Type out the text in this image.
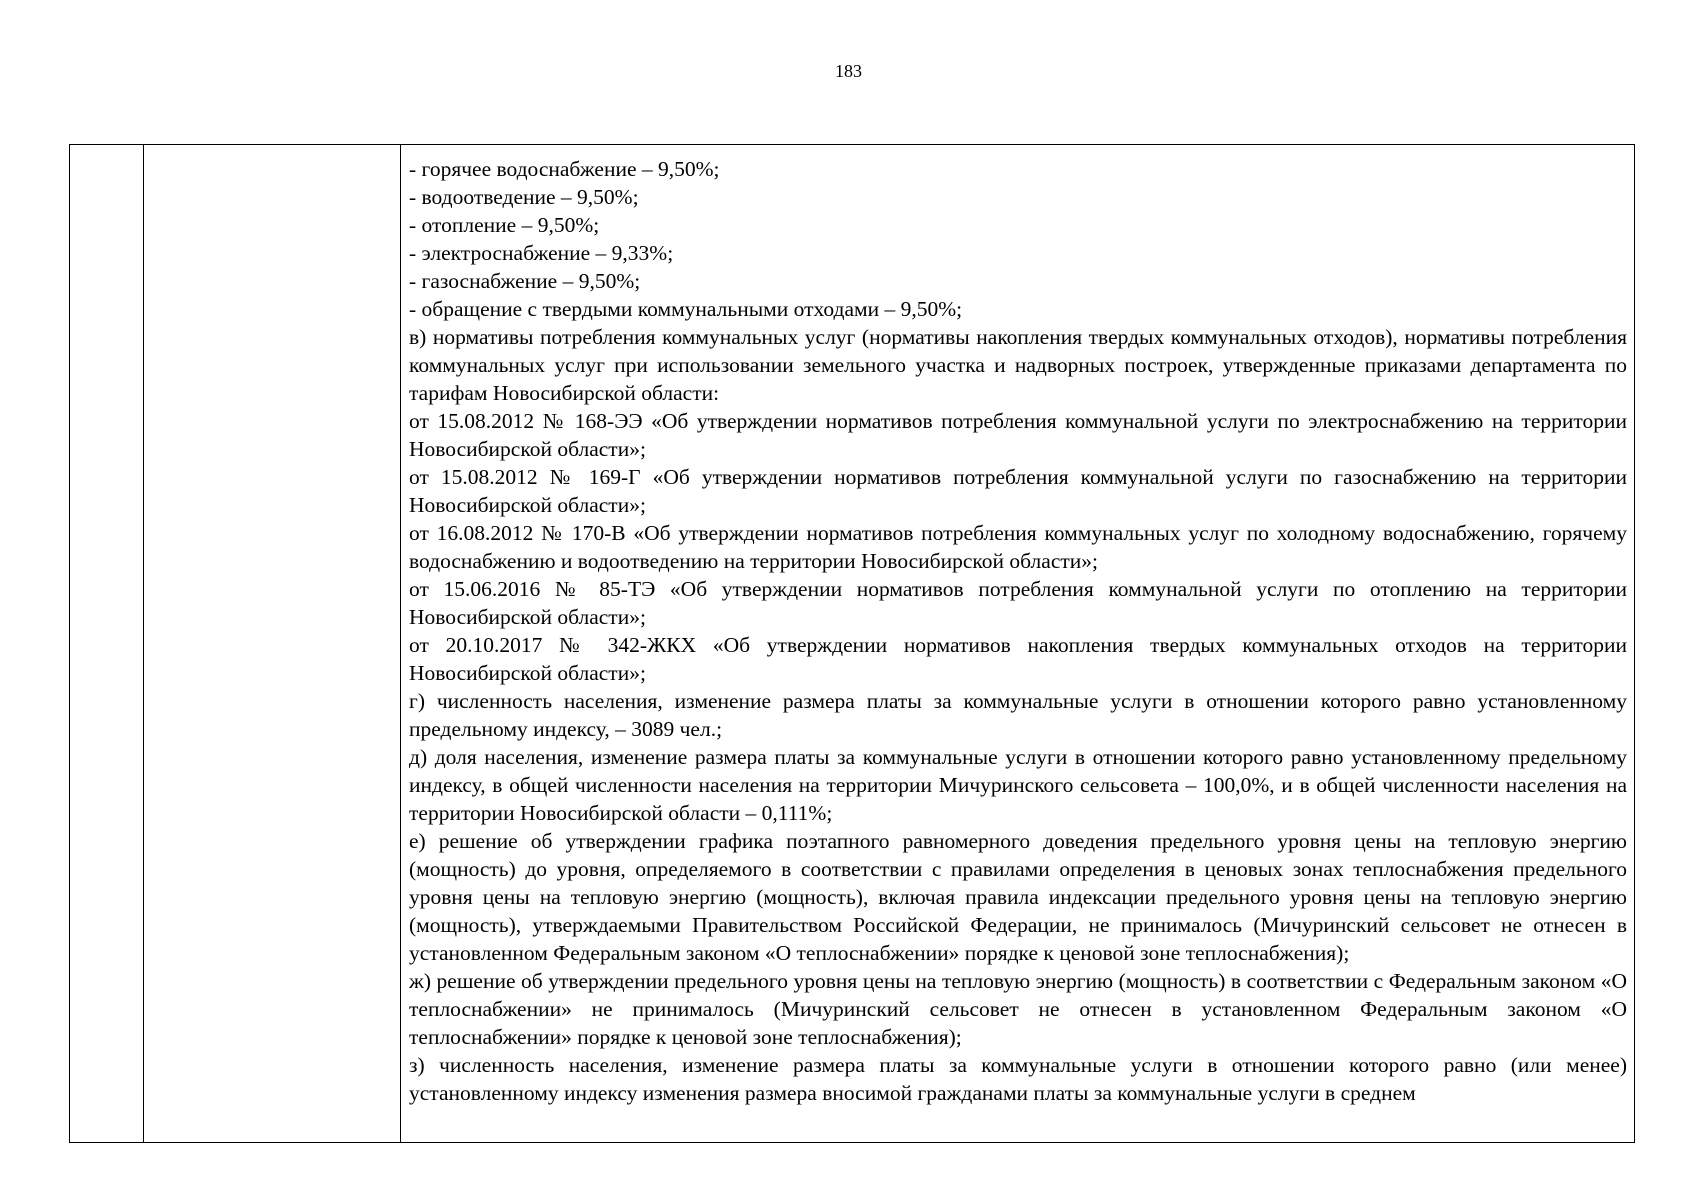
183

- горячее водоснабжение – 9,50%;
- водоотведение – 9,50%;
- отопление – 9,50%;
- электроснабжение – 9,33%;
- газоснабжение – 9,50%;
- обращение с твердыми коммунальными отходами – 9,50%;
в) нормативы потребления коммунальных услуг (нормативы накопления твердых коммунальных отходов), нормативы потребления коммунальных услуг при использовании земельного участка и надворных построек, утвержденные приказами департамента по тарифам Новосибирской области:
от 15.08.2012 № 168-ЭЭ «Об утверждении нормативов потребления коммунальной услуги по электроснабжению на территории Новосибирской области»;
от 15.08.2012 № 169-Г «Об утверждении нормативов потребления коммунальной услуги по газоснабжению на территории Новосибирской области»;
от 16.08.2012 № 170-В «Об утверждении нормативов потребления коммунальных услуг по холодному водоснабжению, горячему водоснабжению и водоотведению на территории Новосибирской области»;
от 15.06.2016 № 85-ТЭ «Об утверждении нормативов потребления коммунальной услуги по отоплению на территории Новосибирской области»;
от 20.10.2017 № 342-ЖКХ «Об утверждении нормативов накопления твердых коммунальных отходов на территории Новосибирской области»;
г) численность населения, изменение размера платы за коммунальные услуги в отношении которого равно установленному предельному индексу, – 3089 чел.;
д) доля населения, изменение размера платы за коммунальные услуги в отношении которого равно установленному предельному индексу, в общей численности населения на территории Мичуринского сельсовета – 100,0%, и в общей численности населения на территории Новосибирской области – 0,111%;
е) решение об утверждении графика поэтапного равномерного доведения предельного уровня цены на тепловую энергию (мощность) до уровня, определяемого в соответствии с правилами определения в ценовых зонах теплоснабжения предельного уровня цены на тепловую энергию (мощность), включая правила индексации предельного уровня цены на тепловую энергию (мощность), утверждаемыми Правительством Российской Федерации, не принималось (Мичуринский сельсовет не отнесен в установленном Федеральным законом «О теплоснабжении» порядке к ценовой зоне теплоснабжения);
ж) решение об утверждении предельного уровня цены на тепловую энергию (мощность) в соответствии с Федеральным законом «О теплоснабжении» не принималось (Мичуринский сельсовет не отнесен в установленном Федеральным законом «О теплоснабжении» порядке к ценовой зоне теплоснабжения);
з) численность населения, изменение размера платы за коммунальные услуги в отношении которого равно (или менее) установленному индексу изменения размера вносимой гражданами платы за коммунальные услуги в среднем
